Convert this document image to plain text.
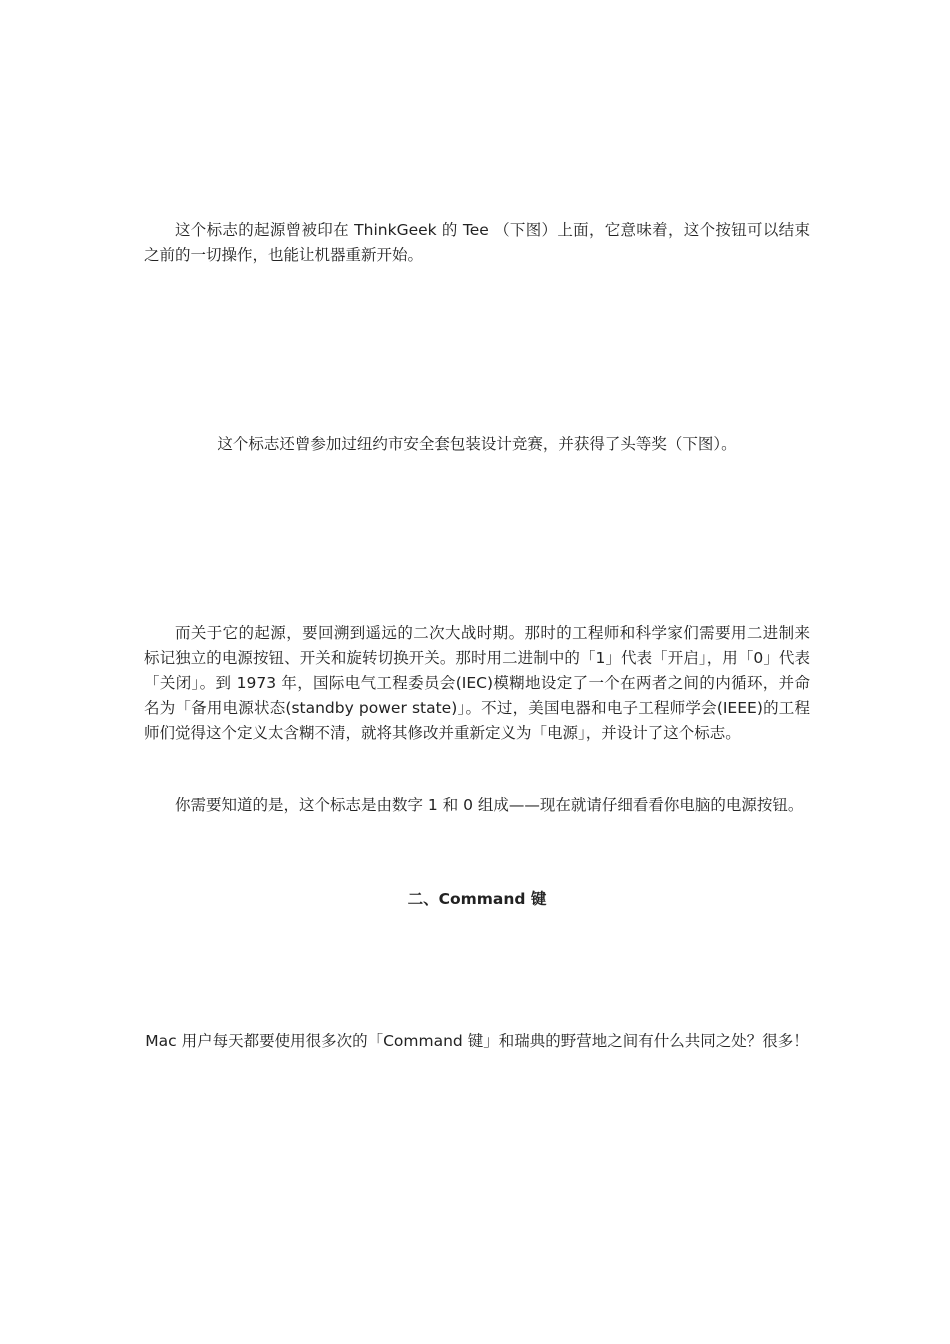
这个标志的起源曾被印在 ThinkGeek 的 Tee （下图）上面，它意味着，这个按钮可以结束之前的一切操作，也能让机器重新开始。

这个标志还曾参加过纽约市安全套包装设计竞赛，并获得了头等奖（下图）。

而关于它的起源，要回溯到遥远的二次大战时期。那时的工程师和科学家们需要用二进制来标记独立的电源按钮、开关和旋转切换开关。那时用二进制中的「1」代表「开启」，用「0」代表「关闭」。到 1973 年，国际电气工程委员会(IEC)模糊地设定了一个在两者之间的内循环，并命名为「备用电源状态(standby power state)」。不过，美国电器和电子工程师学会(IEEE)的工程师们觉得这个定义太含糊不清，就将其修改并重新定义为「电源」，并设计了这个标志。

你需要知道的是，这个标志是由数字 1 和 0 组成——现在就请仔细看看你电脑的电源按钮。

二、Command 键

Mac 用户每天都要使用很多次的「Command 键」和瑞典的野营地之间有什么共同之处？很多！
